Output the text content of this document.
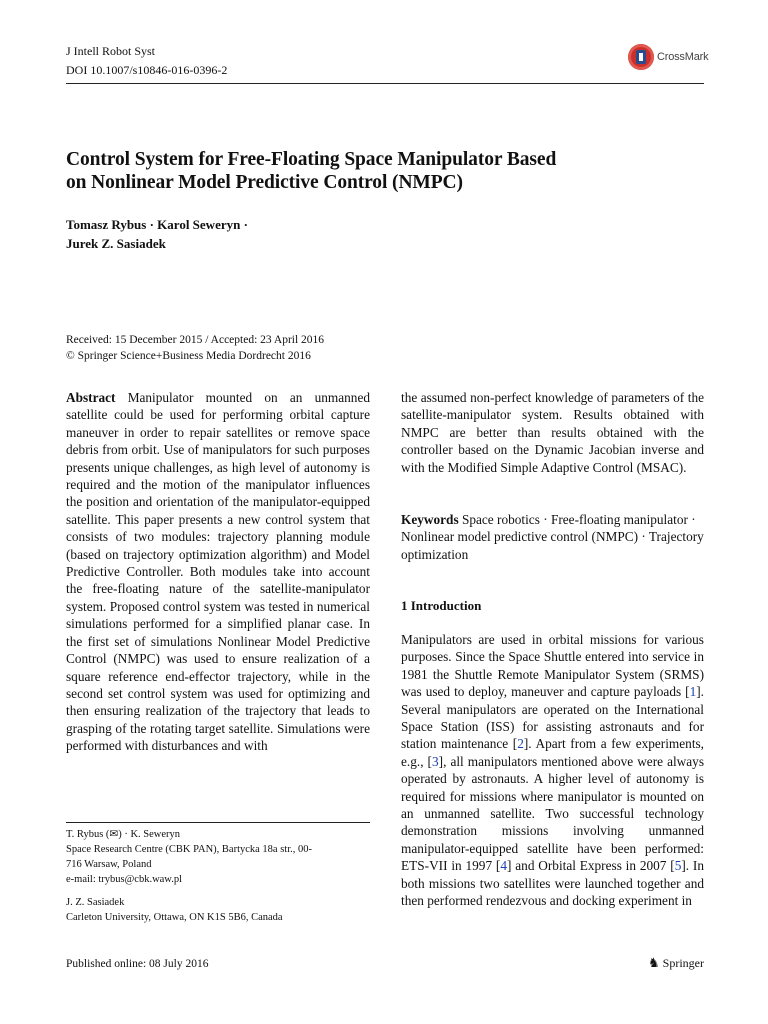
J Intell Robot Syst
DOI 10.1007/s10846-016-0396-2
CrossMark
Control System for Free-Floating Space Manipulator Based
on Nonlinear Model Predictive Control (NMPC)
Tomasz Rybus · Karol Seweryn ·
Jurek Z. Sasiadek
Received: 15 December 2015 / Accepted: 23 April 2016
© Springer Science+Business Media Dordrecht 2016
Abstract Manipulator mounted on an unmanned satellite could be used for performing orbital capture maneuver in order to repair satellites or remove space debris from orbit. Use of manipulators for such purposes presents unique challenges, as high level of autonomy is required and the motion of the manipulator influences the position and orientation of the manipulator-equipped satellite. This paper presents a new control system that consists of two modules: trajectory planning module (based on trajectory optimization algorithm) and Model Predictive Controller. Both modules take into account the free-floating nature of the satellite-manipulator system. Proposed control system was tested in numerical simulations performed for a simplified planar case. In the first set of simulations Nonlinear Model Predictive Control (NMPC) was used to ensure realization of a square reference end-effector trajectory, while in the second set control system was used for optimizing and then ensuring realization of the trajectory that leads to grasping of the rotating target satellite. Simulations were performed with disturbances and with
T. Rybus (✉) · K. Seweryn
Space Research Centre (CBK PAN), Bartycka 18a str., 00-
716 Warsaw, Poland
e-mail: trybus@cbk.waw.pl
J. Z. Sasiadek
Carleton University, Ottawa, ON K1S 5B6, Canada
the assumed non-perfect knowledge of parameters of the satellite-manipulator system. Results obtained with NMPC are better than results obtained with the controller based on the Dynamic Jacobian inverse and with the Modified Simple Adaptive Control (MSAC).
Keywords Space robotics · Free-floating manipulator · Nonlinear model predictive control (NMPC) · Trajectory optimization
1 Introduction
Manipulators are used in orbital missions for various purposes. Since the Space Shuttle entered into service in 1981 the Shuttle Remote Manipulator System (SRMS) was used to deploy, maneuver and capture payloads [1]. Several manipulators are operated on the International Space Station (ISS) for assisting astronauts and for station maintenance [2]. Apart from a few experiments, e.g., [3], all manipulators mentioned above were always operated by astronauts. A higher level of autonomy is required for missions where manipulator is mounted on an unmanned satellite. Two successful technology demonstration missions involving unmanned manipulator-equipped satellite have been performed: ETS-VII in 1997 [4] and Orbital Express in 2007 [5]. In both missions two satellites were launched together and then performed rendezvous and docking experiment in
Published online: 08 July 2016	♞ Springer
